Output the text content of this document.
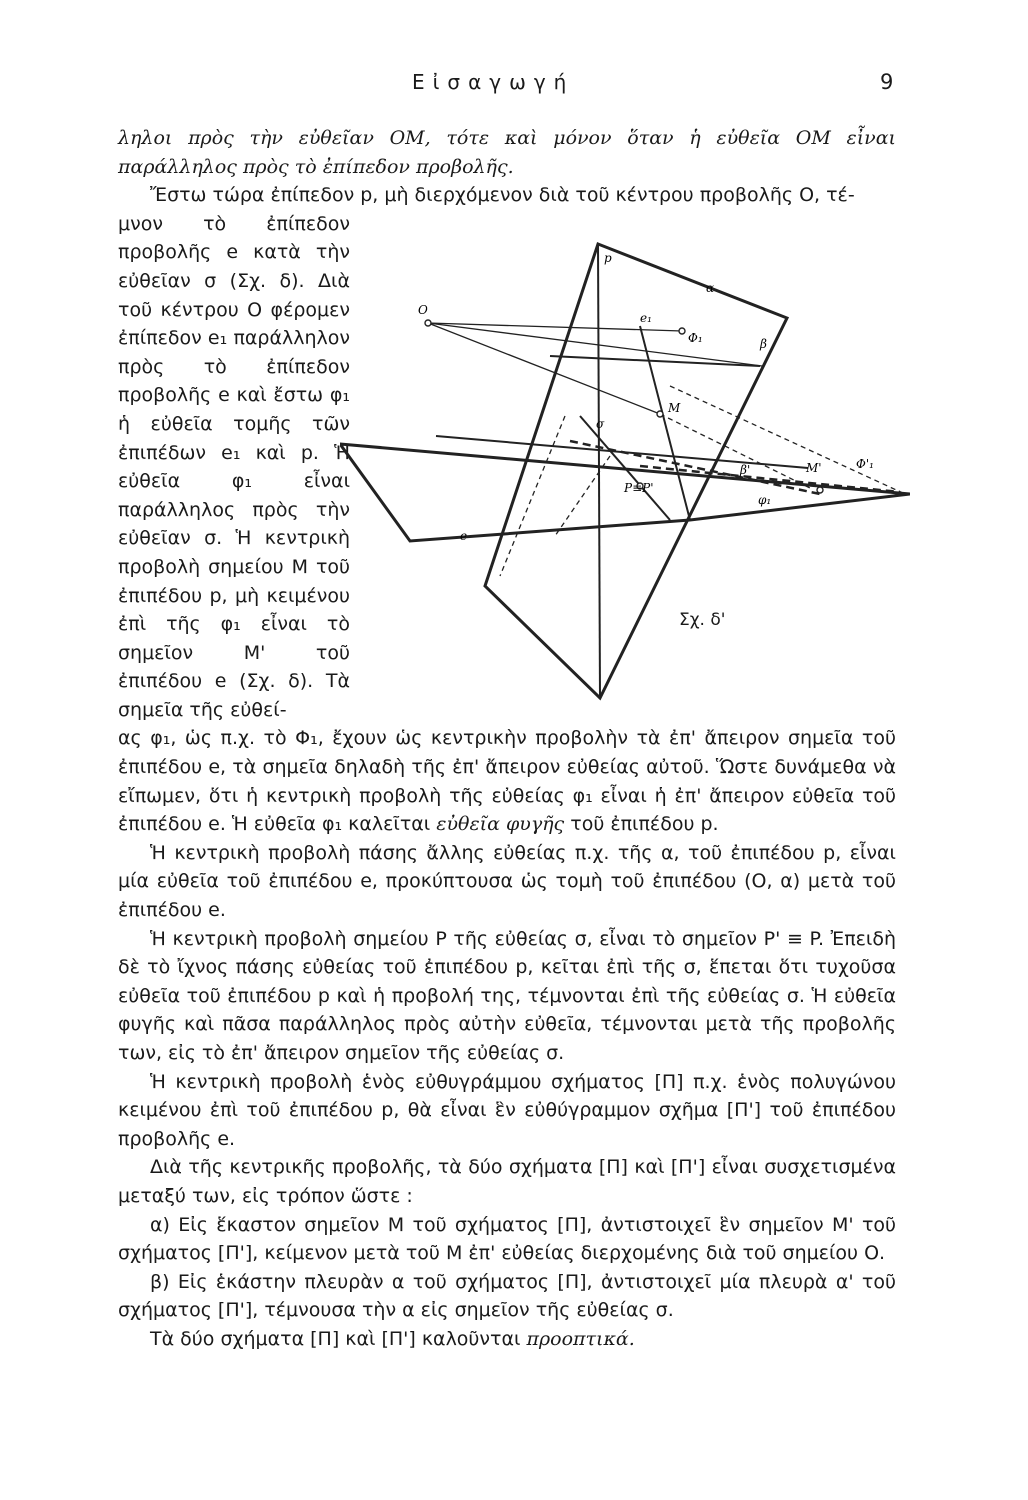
Εἰσαγωγή	9

ληλοι πρὸς τὴν εὐθεῖαν ΟΜ, τότε καὶ μόνον ὅταν ἡ εὐθεῖα ΟΜ εἶναι παράλληλος πρὸς τὸ ἐπίπεδον προβολῆς.

Ἔστω τώρα ἐπίπεδον p, μὴ διερχόμενον διὰ τοῦ κέντρου προβολῆς O, τέ-

μνον τὸ ἐπίπεδον προβολῆς e κατὰ τὴν εὐθεῖαν σ (Σχ. δ). Διὰ τοῦ κέντρου Ο φέρομεν ἐπίπεδον e₁ παράλληλον πρὸς τὸ ἐπίπεδον προβολῆς e καὶ ἔστω φ₁ ἡ εὐθεῖα τομῆς τῶν ἐπιπέδων e₁ καὶ p. Ἡ εὐθεῖα φ₁ εἶναι παράλληλος πρὸς τὴν εὐθεῖαν σ. Ἡ κεντρικὴ προβολὴ σημείου Μ τοῦ ἐπιπέδου p, μὴ κειμένου ἐπὶ τῆς φ₁ εἶναι τὸ σημεῖον M' τοῦ ἐπιπέδου e (Σχ. δ). Τὰ σημεῖα τῆς εὐθεί-

ας φ₁, ὡς π.χ. τὸ Φ₁, ἔχουν ὡς κεντρικὴν προβολὴν τὰ ἐπ' ἄπειρον σημεῖα τοῦ ἐπιπέδου e, τὰ σημεῖα δηλαδὴ τῆς ἐπ' ἄπειρον εὐθείας αὐτοῦ. Ὥστε δυνάμεθα νὰ εἴπωμεν, ὅτι ἡ κεντρικὴ προβολὴ τῆς εὐθείας φ₁ εἶναι ἡ ἐπ' ἄπειρον εὐθεῖα τοῦ ἐπιπέδου e. Ἡ εὐθεῖα φ₁ καλεῖται εὐθεῖα φυγῆς τοῦ ἐπιπέδου p.

Ἡ κεντρικὴ προβολὴ πάσης ἄλλης εὐθείας π.χ. τῆς α, τοῦ ἐπιπέδου p, εἶναι μία εὐθεῖα τοῦ ἐπιπέδου e, προκύπτουσα ὡς τομὴ τοῦ ἐπιπέδου (Ο, α) μετὰ τοῦ ἐπιπέδου e.

Ἡ κεντρικὴ προβολὴ σημείου P τῆς εὐθείας σ, εἶναι τὸ σημεῖον P' ≡ P. Ἐπειδὴ δὲ τὸ ἴχνος πάσης εὐθείας τοῦ ἐπιπέδου p, κεῖται ἐπὶ τῆς σ, ἕπεται ὅτι τυχοῦσα εὐθεῖα τοῦ ἐπιπέδου p καὶ ἡ προβολή της, τέμνονται ἐπὶ τῆς εὐθείας σ. Ἡ εὐθεῖα φυγῆς καὶ πᾶσα παράλληλος πρὸς αὐτὴν εὐθεῖα, τέμνονται μετὰ τῆς προβολῆς των, εἰς τὸ ἐπ' ἄπειρον σημεῖον τῆς εὐθείας σ.

Ἡ κεντρικὴ προβολὴ ἑνὸς εὐθυγράμμου σχήματος [Π] π.χ. ἑνὸς πολυγώνου κειμένου ἐπὶ τοῦ ἐπιπέδου p, θὰ εἶναι ἓν εὐθύγραμμον σχῆμα [Π'] τοῦ ἐπιπέδου προβολῆς e.

Διὰ τῆς κεντρικῆς προβολῆς, τὰ δύο σχήματα [Π] καὶ [Π'] εἶναι συσχετισμένα μεταξύ των, εἰς τρόπον ὥστε :

α) Εἰς ἕκαστον σημεῖον Μ τοῦ σχήματος [Π], ἀντιστοιχεῖ ἓν σημεῖον M' τοῦ σχήματος [Π'], κείμενον μετὰ τοῦ Μ ἐπ' εὐθείας διερχομένης διὰ τοῦ σημείου Ο.

β) Εἰς ἑκάστην πλευρὰν α τοῦ σχήματος [Π], ἀντιστοιχεῖ μία πλευρὰ α' τοῦ σχήματος [Π'], τέμνουσα τὴν α εἰς σημεῖον τῆς εὐθείας σ.

Τὰ δύο σχήματα [Π] καὶ [Π'] καλοῦνται προοπτικά.

O
p
α
e₁
Φ₁	β
M
σ
β'	M'	Φ'₁
φ₁
P≡P'
e
Σχ. δ'
